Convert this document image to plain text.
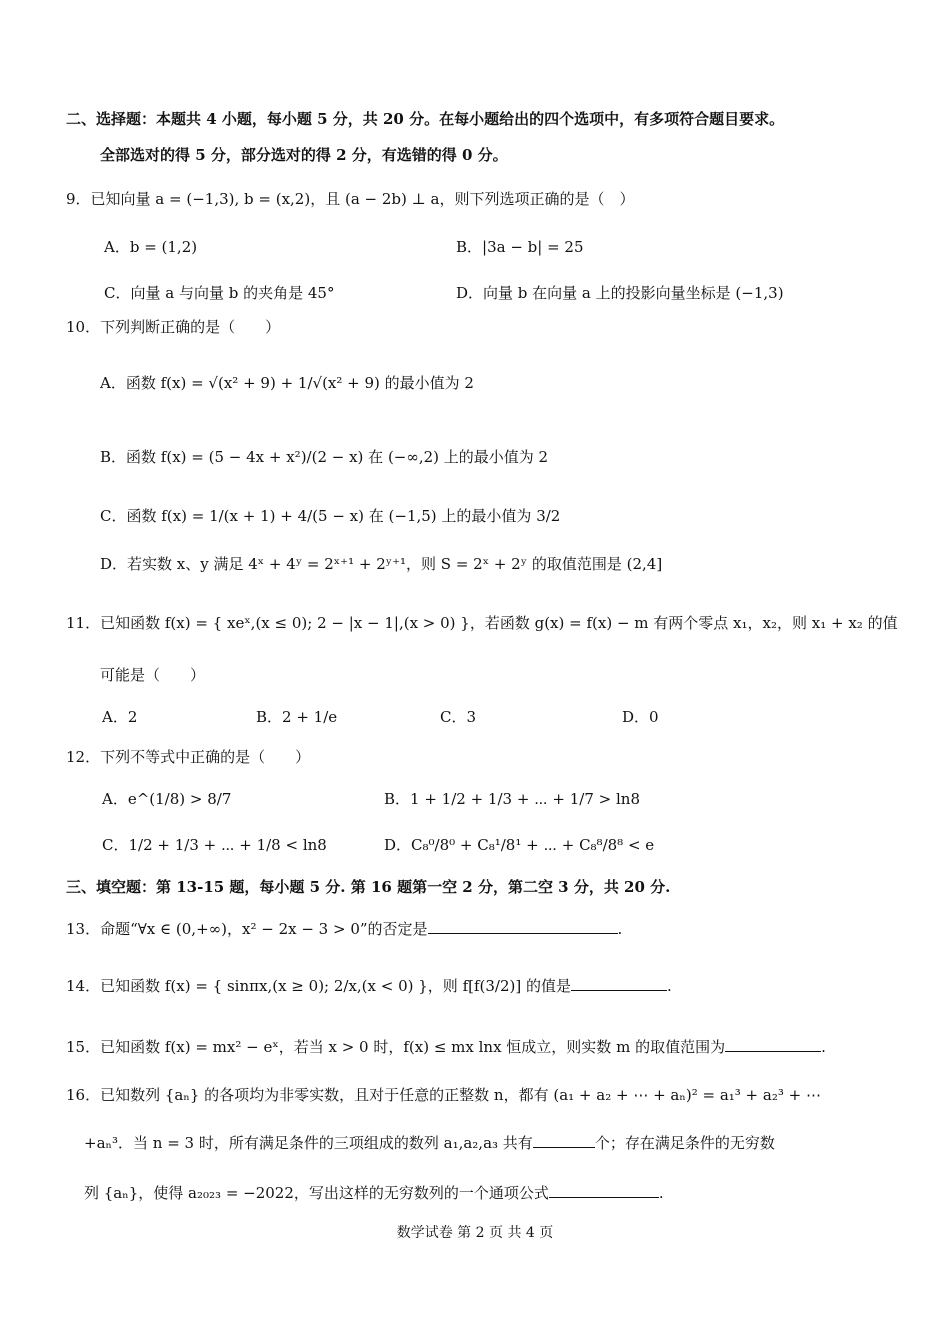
二、选择题：本题共 4 小题，每小题 5 分，共 20 分。在每小题给出的四个选项中，有多项符合题目要求。
全部选对的得 5 分，部分选对的得 2 分，有选错的得 0 分。
9．已知向量 a = (−1,3), b = (x,2)，且 (a − 2b) ⊥ a，则下列选项正确的是（　）
A．b = (1,2)	B．|3a − b| = 25
C．向量 a 与向量 b 的夹角是 45°	D．向量 b 在向量 a 上的投影向量坐标是 (−1,3)
10．下列判断正确的是（　　）
A．函数 f(x) = √(x² + 9) + 1/√(x² + 9) 的最小值为 2
B．函数 f(x) = (5 − 4x + x²)/(2 − x) 在 (−∞,2) 上的最小值为 2
C．函数 f(x) = 1/(x + 1) + 4/(5 − x) 在 (−1,5) 上的最小值为 3/2
D．若实数 x、y 满足 4ˣ + 4ʸ = 2ˣ⁺¹ + 2ʸ⁺¹，则 S = 2ˣ + 2ʸ 的取值范围是 (2,4]
11．已知函数 f(x) = { xeˣ,(x ≤ 0); 2 − |x − 1|,(x > 0) }，若函数 g(x) = f(x) − m 有两个零点 x₁，x₂，则 x₁ + x₂ 的值
可能是（　　）
A．2	B．2 + 1/e	C．3	D．0
12．下列不等式中正确的是（　　）
A．e^(1/8) > 8/7	B．1 + 1/2 + 1/3 + ⋯ + 1/7 > ln8
C．1/2 + 1/3 + ⋯ + 1/8 < ln8	D．C₈⁰/8⁰ + C₈¹/8¹ + ⋯ + C₈⁸/8⁸ < e
三、填空题：第 13-15 题，每小题 5 分. 第 16 题第一空 2 分，第二空 3 分，共 20 分.
13．命题“∀x ∈ (0,+∞)，x² − 2x − 3 > 0”的否定是	.
14．已知函数 f(x) = { sinπx,(x ≥ 0); 2/x,(x < 0) }，则 f[f(3/2)] 的值是	.
15．已知函数 f(x) = mx² − eˣ，若当 x > 0 时，f(x) ≤ mx lnx 恒成立，则实数 m 的取值范围为	.
16．已知数列 {aₙ} 的各项均为非零实数，且对于任意的正整数 n，都有 (a₁ + a₂ + ⋯ + aₙ)² = a₁³ + a₂³ + ⋯
+aₙ³．当 n = 3 时，所有满足条件的三项组成的数列 a₁,a₂,a₃ 共有	个；存在满足条件的无穷数
列 {aₙ}，使得 a₂₀₂₃ = −2022，写出这样的无穷数列的一个通项公式	.
数学试卷 第 2 页 共 4 页
